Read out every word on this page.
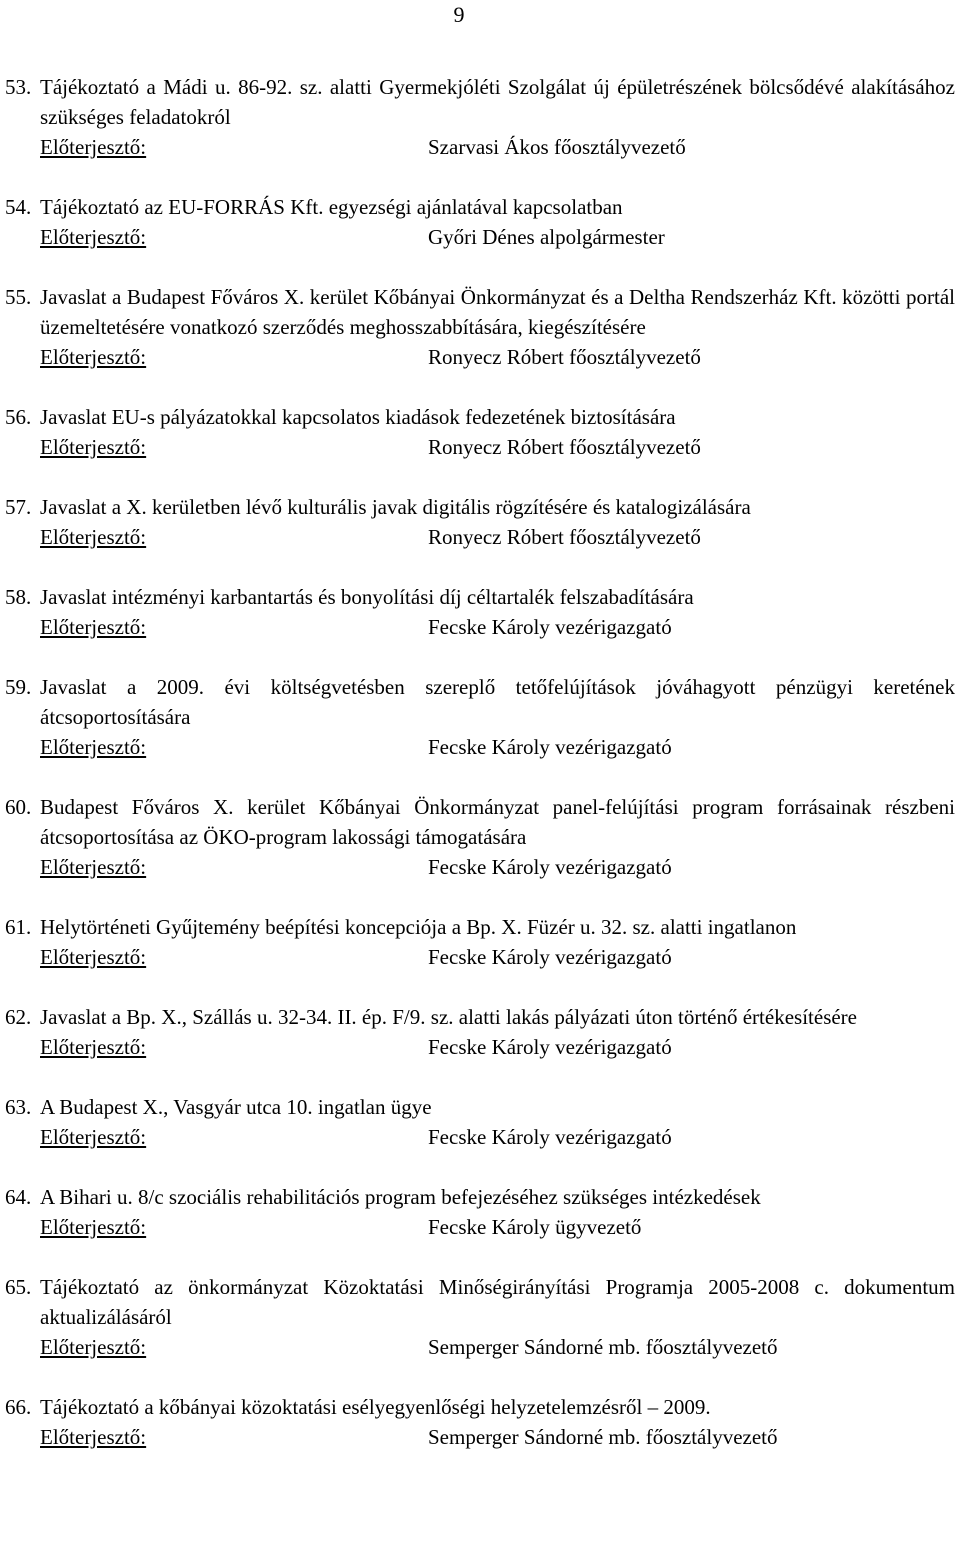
9
53. Tájékoztató a Mádi u. 86-92. sz. alatti Gyermekjóléti Szolgálat új épületrészének bölcsődévé alakításához szükséges feladatokról
Előterjesztő:	Szarvasi Ákos főosztályvezető
54. Tájékoztató az EU-FORRÁS Kft. egyezségi ajánlatával kapcsolatban
Előterjesztő:	Győri Dénes alpolgármester
55. Javaslat a Budapest Főváros X. kerület Kőbányai Önkormányzat és a Deltha Rendszerház Kft. közötti portál üzemeltetésére vonatkozó szerződés meghosszabbítására, kiegészítésére
Előterjesztő:	Ronyecz Róbert főosztályvezető
56. Javaslat EU-s pályázatokkal kapcsolatos kiadások fedezetének biztosítására
Előterjesztő:	Ronyecz Róbert főosztályvezető
57. Javaslat a X. kerületben lévő kulturális javak digitális rögzítésére és katalogizálására
Előterjesztő:	Ronyecz Róbert főosztályvezető
58. Javaslat intézményi karbantartás és bonyolítási díj céltartalék felszabadítására
Előterjesztő:	Fecske Károly vezérigazgató
59. Javaslat a 2009. évi költségvetésben szereplő tetőfelújítások jóváhagyott pénzügyi keretének átcsoportosítására
Előterjesztő:	Fecske Károly vezérigazgató
60. Budapest Főváros X. kerület Kőbányai Önkormányzat panel-felújítási program forrásainak részbeni átcsoportosítása az ÖKO-program lakossági támogatására
Előterjesztő:	Fecske Károly vezérigazgató
61. Helytörténeti Gyűjtemény beépítési koncepciója a Bp. X. Füzér u. 32. sz. alatti ingatlanon
Előterjesztő:	Fecske Károly vezérigazgató
62. Javaslat a Bp. X., Szállás u. 32-34. II. ép. F/9. sz. alatti lakás pályázati úton történő értékesítésére
Előterjesztő:	Fecske Károly vezérigazgató
63. A Budapest X., Vasgyár utca 10. ingatlan ügye
Előterjesztő:	Fecske Károly vezérigazgató
64. A Bihari u. 8/c szociális rehabilitációs program befejezéséhez szükséges intézkedések
Előterjesztő:	Fecske Károly ügyvezető
65. Tájékoztató az önkormányzat Közoktatási Minőségirányítási Programja 2005-2008 c. dokumentum aktualizálásáról
Előterjesztő:	Semperger Sándorné mb. főosztályvezető
66. Tájékoztató a kőbányai közoktatási esélyegyenlőségi helyzetelemzésről – 2009.
Előterjesztő:	Semperger Sándorné mb. főosztályvezető
